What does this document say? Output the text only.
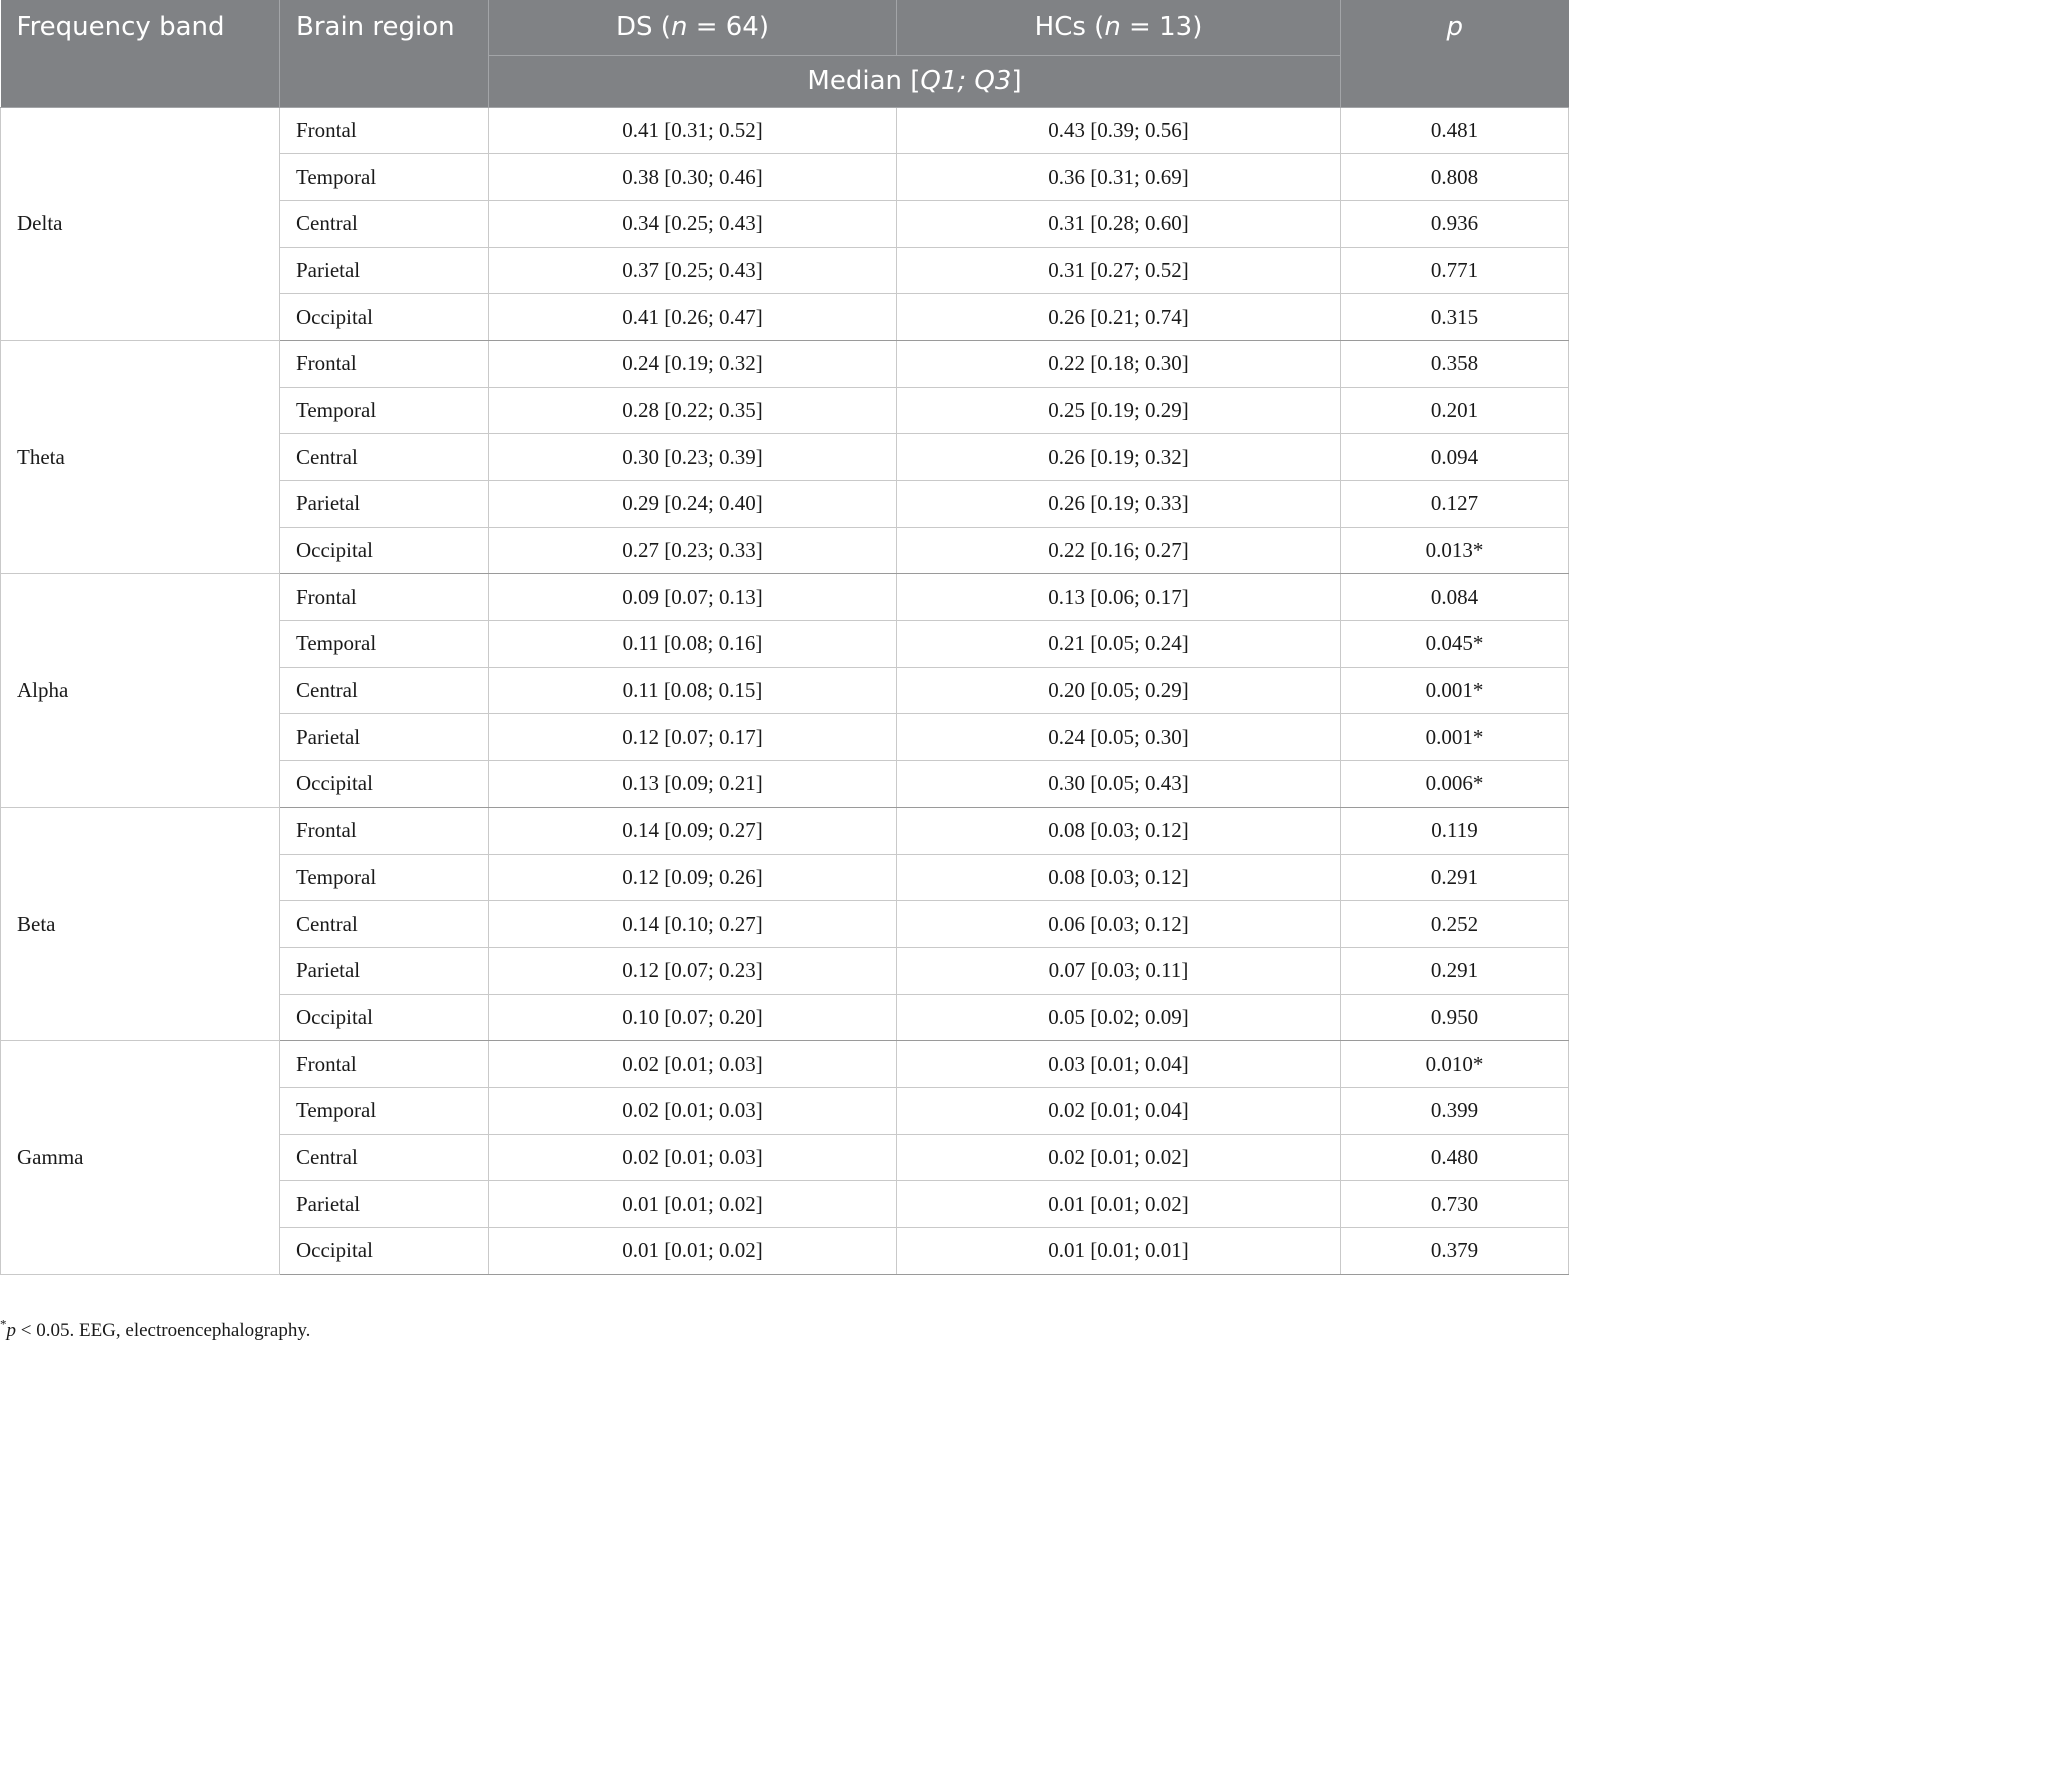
Frequency band	Brain region	DS (n = 64)	HCs (n = 13)	p
		Median [Q1; Q3]		
Delta	Frontal	0.41 [0.31; 0.52]	0.43 [0.39; 0.56]	0.481
	Temporal	0.38 [0.30; 0.46]	0.36 [0.31; 0.69]	0.808
	Central	0.34 [0.25; 0.43]	0.31 [0.28; 0.60]	0.936
	Parietal	0.37 [0.25; 0.43]	0.31 [0.27; 0.52]	0.771
	Occipital	0.41 [0.26; 0.47]	0.26 [0.21; 0.74]	0.315
Theta	Frontal	0.24 [0.19; 0.32]	0.22 [0.18; 0.30]	0.358
	Temporal	0.28 [0.22; 0.35]	0.25 [0.19; 0.29]	0.201
	Central	0.30 [0.23; 0.39]	0.26 [0.19; 0.32]	0.094
	Parietal	0.29 [0.24; 0.40]	0.26 [0.19; 0.33]	0.127
	Occipital	0.27 [0.23; 0.33]	0.22 [0.16; 0.27]	0.013*
Alpha	Frontal	0.09 [0.07; 0.13]	0.13 [0.06; 0.17]	0.084
	Temporal	0.11 [0.08; 0.16]	0.21 [0.05; 0.24]	0.045*
	Central	0.11 [0.08; 0.15]	0.20 [0.05; 0.29]	0.001*
	Parietal	0.12 [0.07; 0.17]	0.24 [0.05; 0.30]	0.001*
	Occipital	0.13 [0.09; 0.21]	0.30 [0.05; 0.43]	0.006*
Beta	Frontal	0.14 [0.09; 0.27]	0.08 [0.03; 0.12]	0.119
	Temporal	0.12 [0.09; 0.26]	0.08 [0.03; 0.12]	0.291
	Central	0.14 [0.10; 0.27]	0.06 [0.03; 0.12]	0.252
	Parietal	0.12 [0.07; 0.23]	0.07 [0.03; 0.11]	0.291
	Occipital	0.10 [0.07; 0.20]	0.05 [0.02; 0.09]	0.950
Gamma	Frontal	0.02 [0.01; 0.03]	0.03 [0.01; 0.04]	0.010*
	Temporal	0.02 [0.01; 0.03]	0.02 [0.01; 0.04]	0.399
	Central	0.02 [0.01; 0.03]	0.02 [0.01; 0.02]	0.480
	Parietal	0.01 [0.01; 0.02]	0.01 [0.01; 0.02]	0.730
	Occipital	0.01 [0.01; 0.02]	0.01 [0.01; 0.01]	0.379
*p < 0.05. EEG, electroencephalography.
